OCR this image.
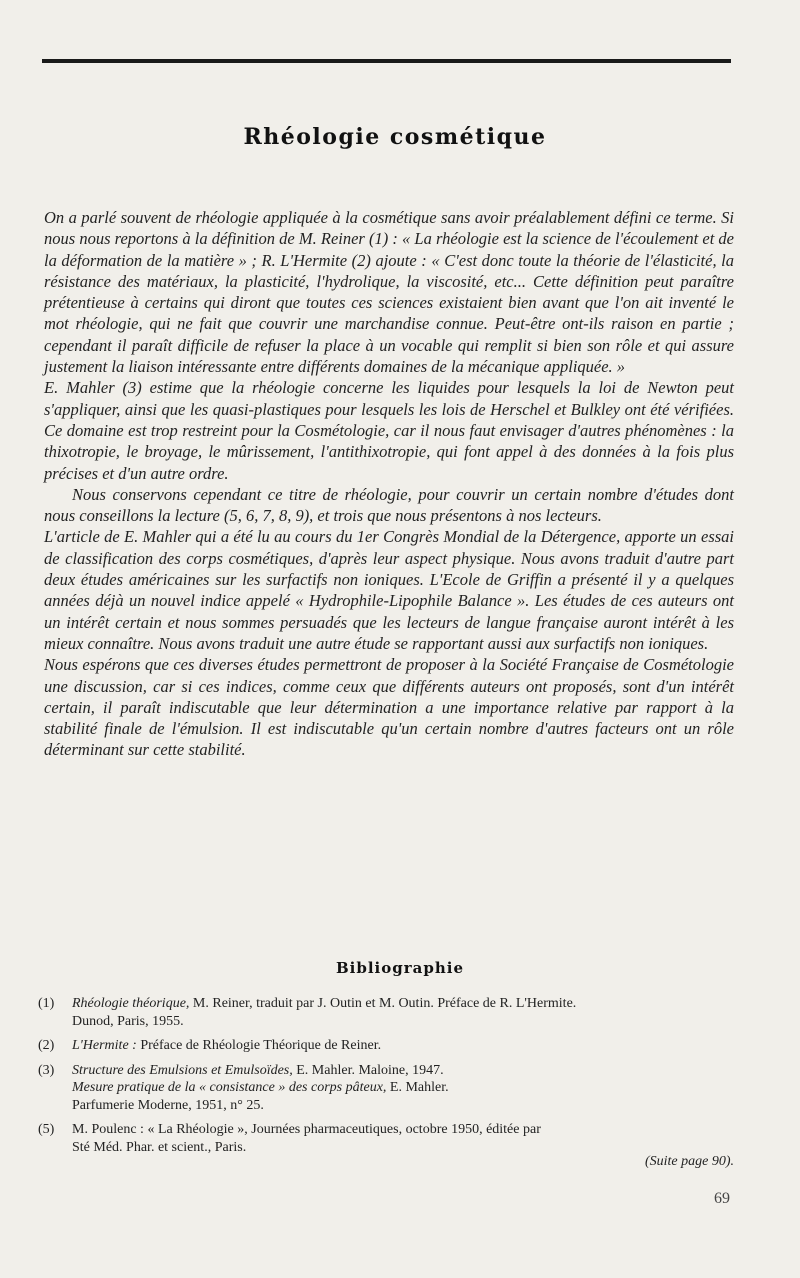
Rhéologie cosmétique

On a parlé souvent de rhéologie appliquée à la cosmétique sans avoir préalablement défini ce terme. Si nous nous reportons à la définition de M. Reiner (1) : « La rhéologie est la science de l'écoulement et de la déformation de la matière » ; R. L'Hermite (2) ajoute : « C'est donc toute la théorie de l'élasticité, la résistance des matériaux, la plasticité, l'hydrolique, la viscosité, etc... Cette définition peut paraître prétentieuse à certains qui diront que toutes ces sciences existaient bien avant que l'on ait inventé le mot rhéologie, qui ne fait que couvrir une marchandise connue. Peut-être ont-ils raison en partie ; cependant il paraît difficile de refuser la place à un vocable qui remplit si bien son rôle et qui assure justement la liaison intéressante entre différents domaines de la mécanique appliquée. »

E. Mahler (3) estime que la rhéologie concerne les liquides pour lesquels la loi de Newton peut s'appliquer, ainsi que les quasi-plastiques pour lesquels les lois de Herschel et Bulkley ont été vérifiées. Ce domaine est trop restreint pour la Cosmétologie, car il nous faut envisager d'autres phénomènes : la thixotropie, le broyage, le mûrissement, l'antithixotropie, qui font appel à des données à la fois plus précises et d'un autre ordre.

Nous conservons cependant ce titre de rhéologie, pour couvrir un certain nombre d'études dont nous conseillons la lecture (5, 6, 7, 8, 9), et trois que nous présentons à nos lecteurs.

L'article de E. Mahler qui a été lu au cours du 1er Congrès Mondial de la Détergence, apporte un essai de classification des corps cosmétiques, d'après leur aspect physique. Nous avons traduit d'autre part deux études américaines sur les surfactifs non ioniques. L'Ecole de Griffin a présenté il y a quelques années déjà un nouvel indice appelé « Hydrophile-Lipophile Balance ». Les études de ces auteurs ont un intérêt certain et nous sommes persuadés que les lecteurs de langue française auront intérêt à les mieux connaître. Nous avons traduit une autre étude se rapportant aussi aux surfactifs non ioniques.

Nous espérons que ces diverses études permettront de proposer à la Société Française de Cosmétologie une discussion, car si ces indices, comme ceux que différents auteurs ont proposés, sont d'un intérêt certain, il paraît indiscutable que leur détermination a une importance relative par rapport à la stabilité finale de l'émulsion. Il est indiscutable qu'un certain nombre d'autres facteurs ont un rôle déterminant sur cette stabilité.

Bibliographie
(1)	Rhéologie théorique, M. Reiner, traduit par J. Outin et M. Outin. Préface de R. L'Hermite.
Dunod, Paris, 1955.
(2)	L'Hermite : Préface de Rhéologie Théorique de Reiner.
(3)	Structure des Emulsions et Emulsoïdes, E. Mahler. Maloine, 1947.
Mesure pratique de la « consistance » des corps pâteux, E. Mahler.
Parfumerie Moderne, 1951, n° 25.
(5)	M. Poulenc : « La Rhéologie », Journées pharmaceutiques, octobre 1950, éditée par
Sté Méd. Phar. et scient., Paris.
(Suite page 90).
69
